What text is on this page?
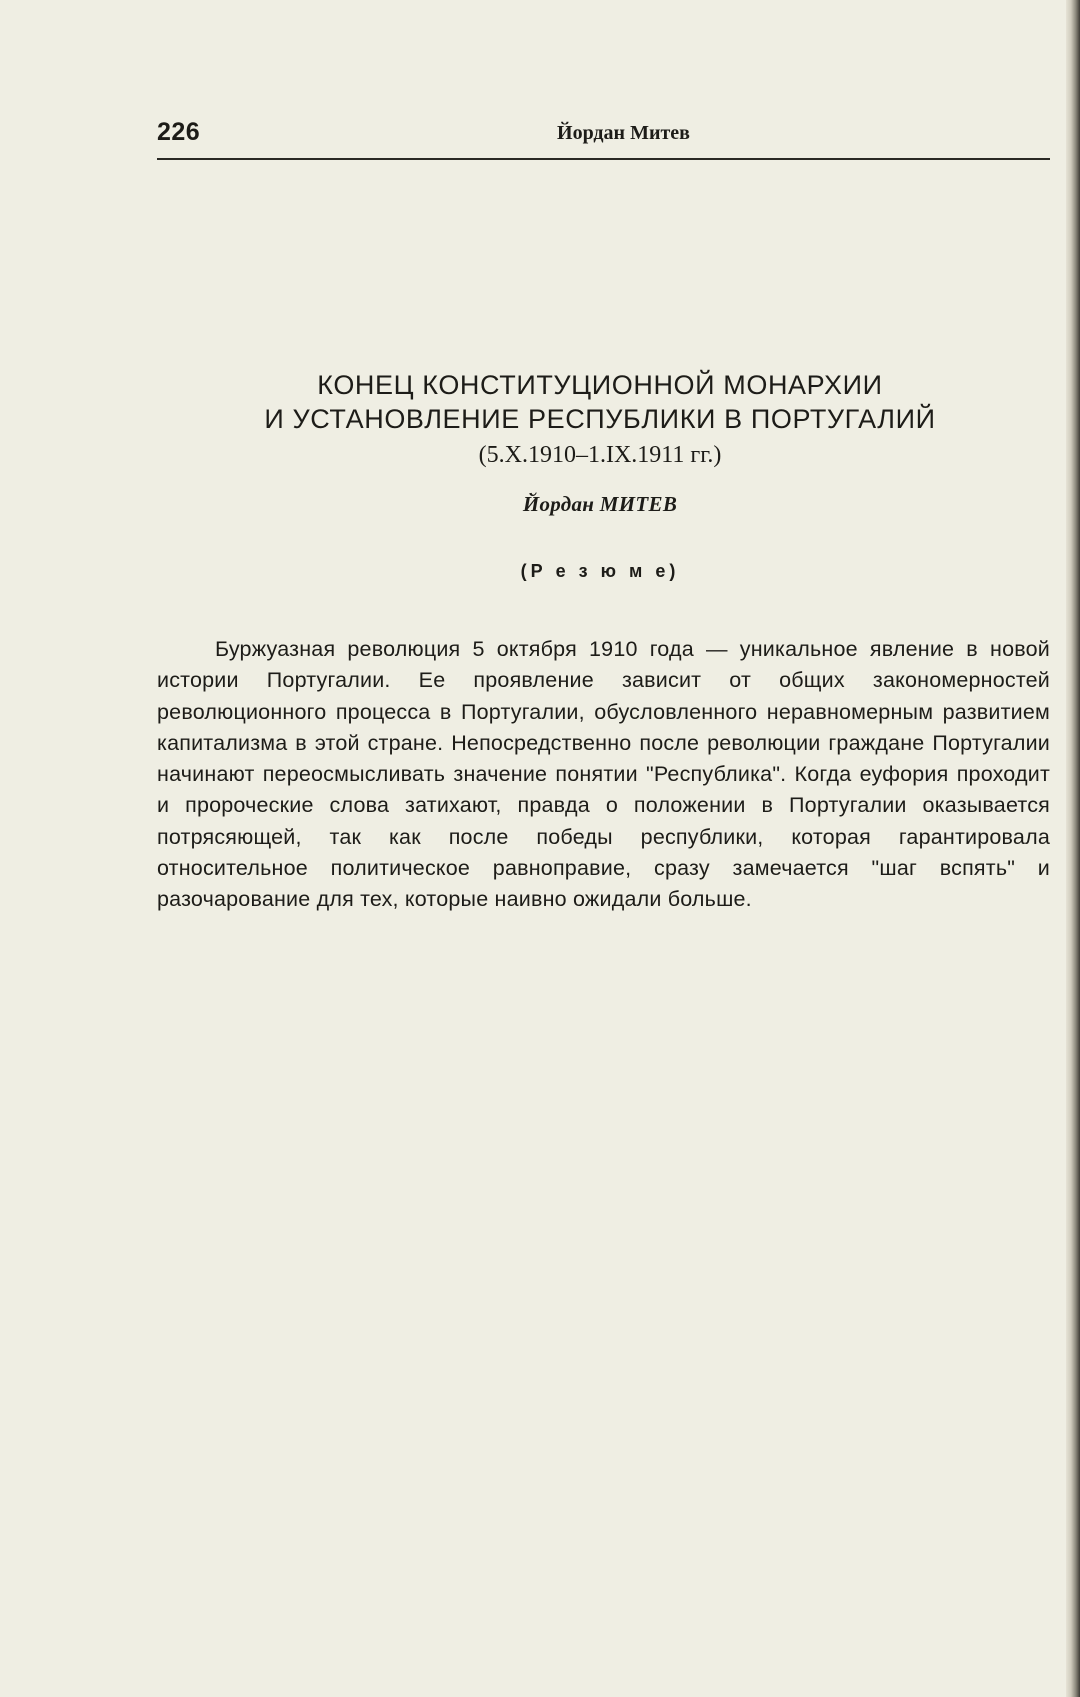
226	Йордан Митев
КОНЕЦ КОНСТИТУЦИОННОЙ МОНАРХИИ
И УСТАНОВЛЕНИЕ РЕСПУБЛИКИ В ПОРТУГАЛИЙ
(5.X.1910–1.IX.1911 гг.)
Йордан МИТЕВ
(Р е з ю м е)

Буржуазная революция 5 октября 1910 года — уникальное явление в новой истории Португалии. Ее проявление зависит от общих закономерностей революционного процесса в Португалии, обусловленного неравномерным развитием капитализма в этой стране. Непосредственно после революции граждане Португалии начинают переосмысливать значение понятии "Республика". Когда еуфория проходит и пророческие слова затихают, правда о положении в Португалии оказывается потрясяющей, так как после победы республики, которая гарантировала относительное политическое равноправие, сразу замечается "шаг вспять" и разочарование для тех, которые наивно ожидали больше.
